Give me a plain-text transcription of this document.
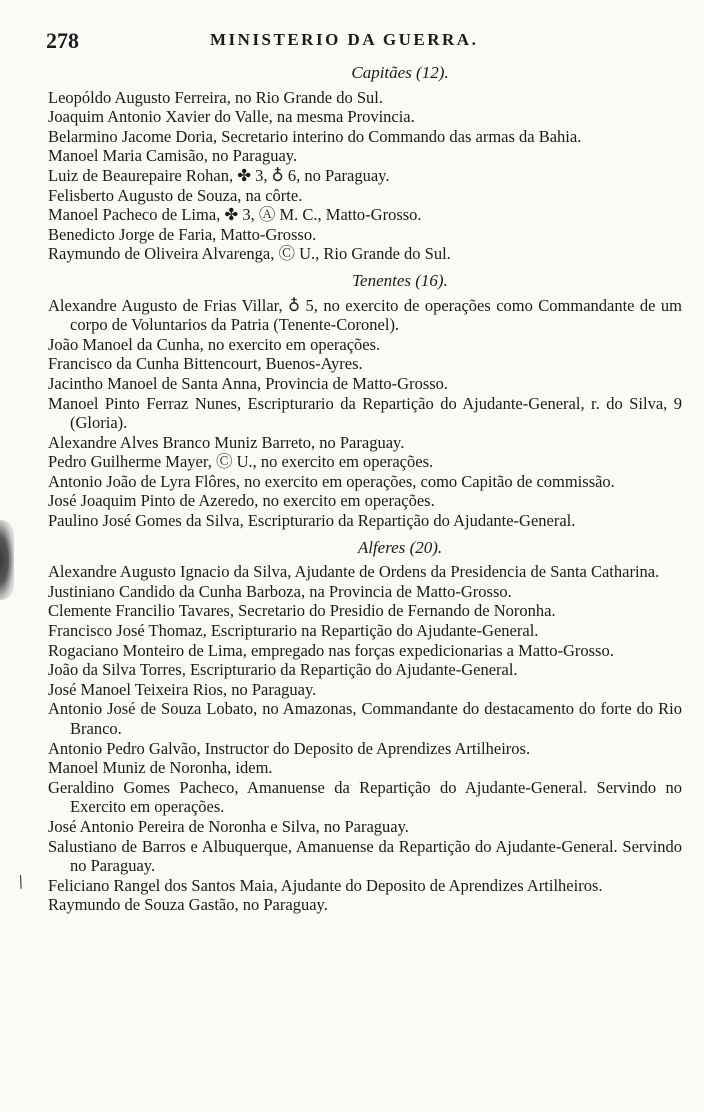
278	MINISTERIO DA GUERRA.
/
Capitães (12).
Leopóldo Augusto Ferreira, no Rio Grande do Sul.
Joaquim Antonio Xavier do Valle, na mesma Provincia.
Belarmino Jacome Doria, Secretario interino do Commando das armas da Bahia.
Manoel Maria Camisão, no Paraguay.
Luiz de Beaurepaire Rohan, ✤ 3, ♁ 6, no Paraguay.
Felisberto Augusto de Souza, na côrte.
Manoel Pacheco de Lima, ✤ 3, Ⓐ M. C., Matto-Grosso.
Benedicto Jorge de Faria, Matto-Grosso.
Raymundo de Oliveira Alvarenga, Ⓒ U., Rio Grande do Sul.
Tenentes (16).
Alexandre Augusto de Frias Villar, ♁ 5, no exercito de operações como Commandante de um corpo de Voluntarios da Patria (Tenente-Coronel).
João Manoel da Cunha, no exercito em operações.
Francisco da Cunha Bittencourt, Buenos-Ayres.
Jacintho Manoel de Santa Anna, Provincia de Matto-Grosso.
Manoel Pinto Ferraz Nunes, Escripturario da Repartição do Ajudante-General, r. do Silva, 9 (Gloria).
Alexandre Alves Branco Muniz Barreto, no Paraguay.
Pedro Guilherme Mayer, Ⓒ U., no exercito em operações.
Antonio João de Lyra Flôres, no exercito em operações, como Capitão de commissão.
José Joaquim Pinto de Azeredo, no exercito em operações.
Paulino José Gomes da Silva, Escripturario da Repartição do Ajudante-General.
Alferes (20).
Alexandre Augusto Ignacio da Silva, Ajudante de Ordens da Presidencia de Santa Catharina.
Justiniano Candido da Cunha Barboza, na Provincia de Matto-Grosso.
Clemente Francilio Tavares, Secretario do Presidio de Fernando de Noronha.
Francisco José Thomaz, Escripturario na Repartição do Ajudante-General.
Rogaciano Monteiro de Lima, empregado nas forças expedicionarias a Matto-Grosso.
João da Silva Torres, Escripturario da Repartição do Ajudante-General.
José Manoel Teixeira Rios, no Paraguay.
Antonio José de Souza Lobato, no Amazonas, Commandante do destacamento do forte do Rio Branco.
Antonio Pedro Galvão, Instructor do Deposito de Aprendizes Artilheiros.
Manoel Muniz de Noronha, idem.
Geraldino Gomes Pacheco, Amanuense da Repartição do Ajudante-General. Servindo no Exercito em operações.
José Antonio Pereira de Noronha e Silva, no Paraguay.
Salustiano de Barros e Albuquerque, Amanuense da Repartição do Ajudante-General. Servindo no Paraguay.
Feliciano Rangel dos Santos Maia, Ajudante do Deposito de Aprendizes Artilheiros.
Raymundo de Souza Gastão, no Paraguay.
